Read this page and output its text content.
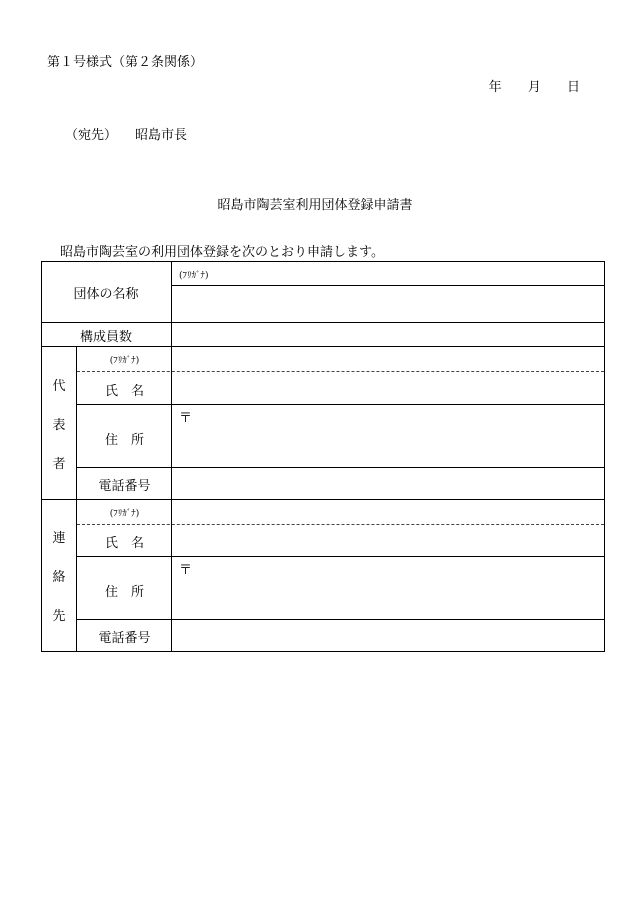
第１号様式（第２条関係）
年 月 日
（宛先） 昭島市長
昭島市陶芸室利用団体登録申請書
昭島市陶芸室の利用団体登録を次のとおり申請します。
団体の名称
(ﾌﾘｶﾞﾅ)
構成員数
代
表
者
(ﾌﾘｶﾞﾅ)
氏　名
住　所
〒
電話番号
連
絡
先
(ﾌﾘｶﾞﾅ)
氏　名
住　所
〒
電話番号
